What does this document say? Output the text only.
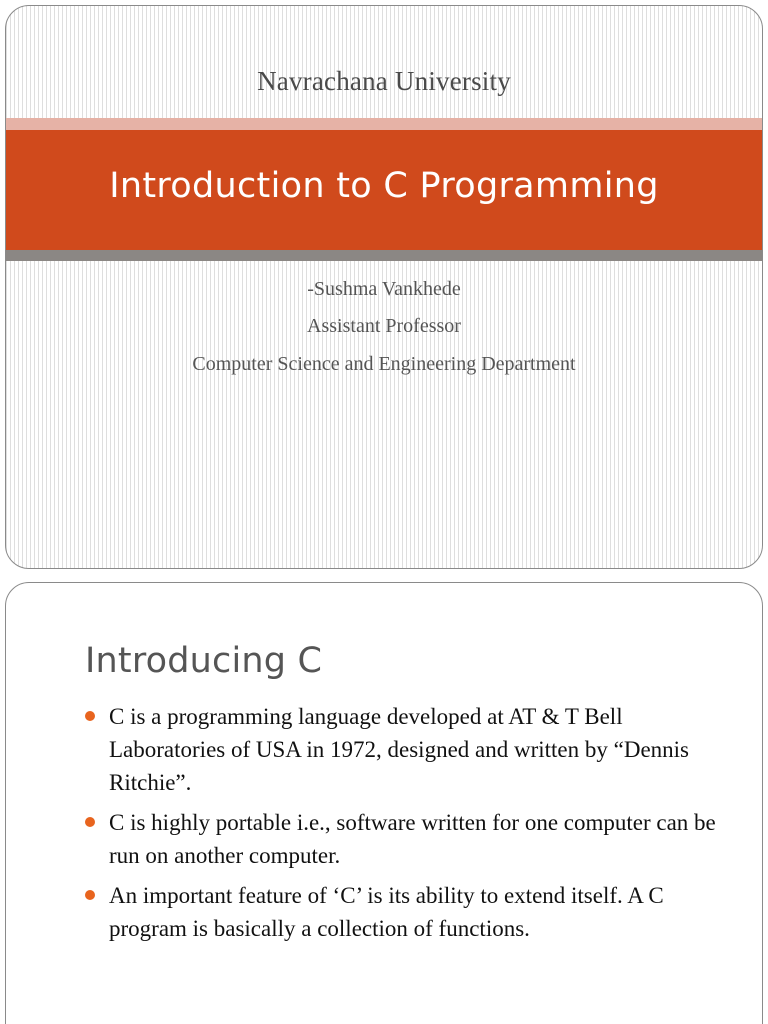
Navrachana University
Introduction to C Programming
-Sushma Vankhede
Assistant Professor
Computer Science and Engineering Department
Introducing C
C is a programming language developed at AT & T Bell Laboratories of USA in 1972, designed and written by “Dennis Ritchie”.
C is highly portable i.e., software written for one computer can be run on another computer.
An important feature of ‘C’ is its ability to extend itself. A C program is basically a collection of functions.
